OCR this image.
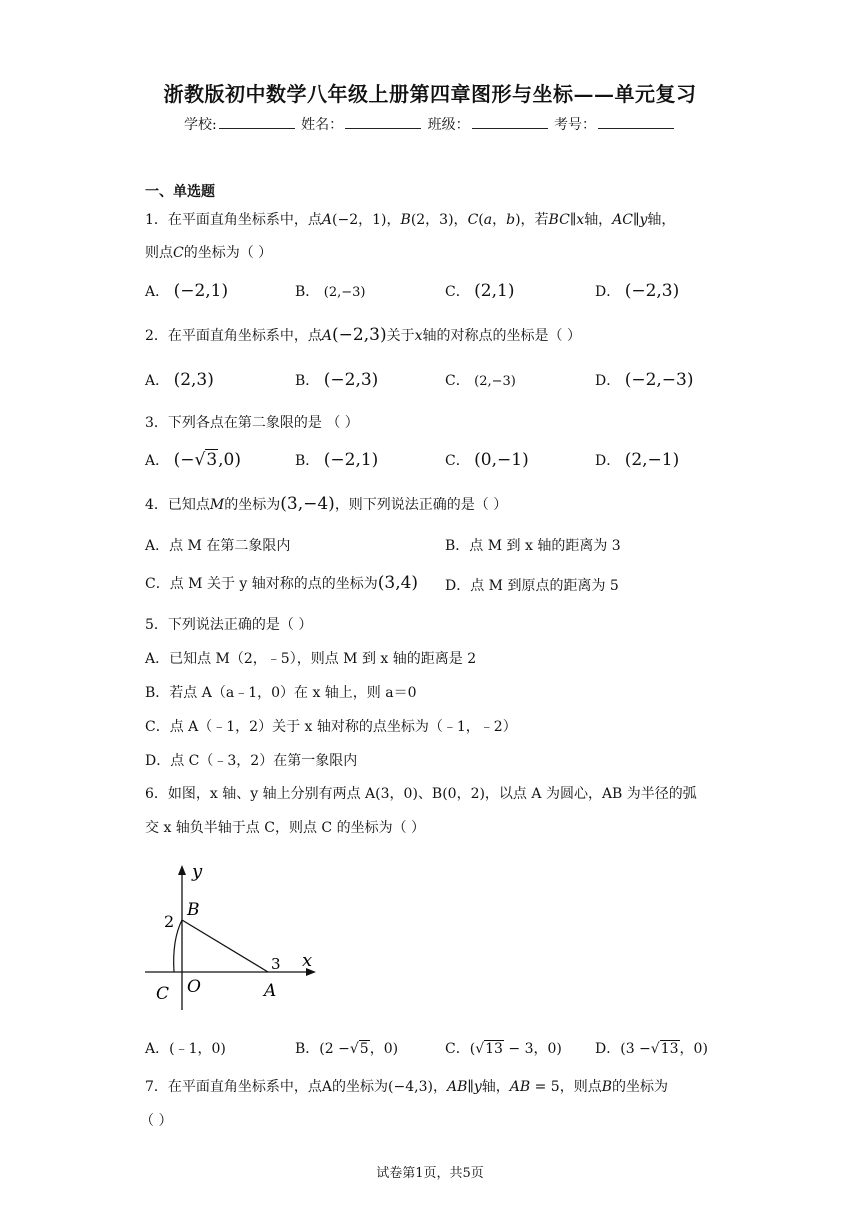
浙教版初中数学八年级上册第四章图形与坐标——单元复习
学校:	姓名：	班级：	考号：
一、单选题
1．在平面直角坐标系中，点A(−2，1)，B(2，3)，C(a，b)，若BC∥x轴，AC∥y轴，
则点C的坐标为（ ）
A． (−2,1)	B． (2,−3)	C． (2,1)	D． (−2,3)
2．在平面直角坐标系中，点A(−2,3)关于x轴的对称点的坐标是（ ）
A． (2,3)	B． (−2,3)	C． (2,−3)	D． (−2,−3)
3．下列各点在第二象限的是 （ ）
A． (−√3,0)	B． (−2,1)	C． (0,−1)	D． (2,−1)
4．已知点M的坐标为(3,−4)，则下列说法正确的是（ ）
A．点 M 在第二象限内	B．点 M 到 x 轴的距离为 3
C．点 M 关于 y 轴对称的点的坐标为(3,4) D．点 M 到原点的距离为 5
5．下列说法正确的是（ ）
A．已知点 M（2，﹣5），则点 M 到 x 轴的距离是 2
B．若点 A（a﹣1，0）在 x 轴上，则 a＝0
C．点 A（﹣1，2）关于 x 轴对称的点坐标为（﹣1，﹣2）
D．点 C（﹣3，2）在第一象限内
6．如图，x 轴、y 轴上分别有两点 A(3，0)、B(0，2)，以点 A 为圆心，AB 为半径的弧
交 x 轴负半轴于点 C，则点 C 的坐标为（ ）
y
x
2
B
3
C O	A
A．(﹣1，0)	B．(2 −√5，0)	C．(√13 − 3，0) D．(3 −√13，0)
7．在平面直角坐标系中，点A的坐标为(−4,3)，AB∥y轴，AB = 5，则点B的坐标为
（ ）
试卷第1页，共5页
